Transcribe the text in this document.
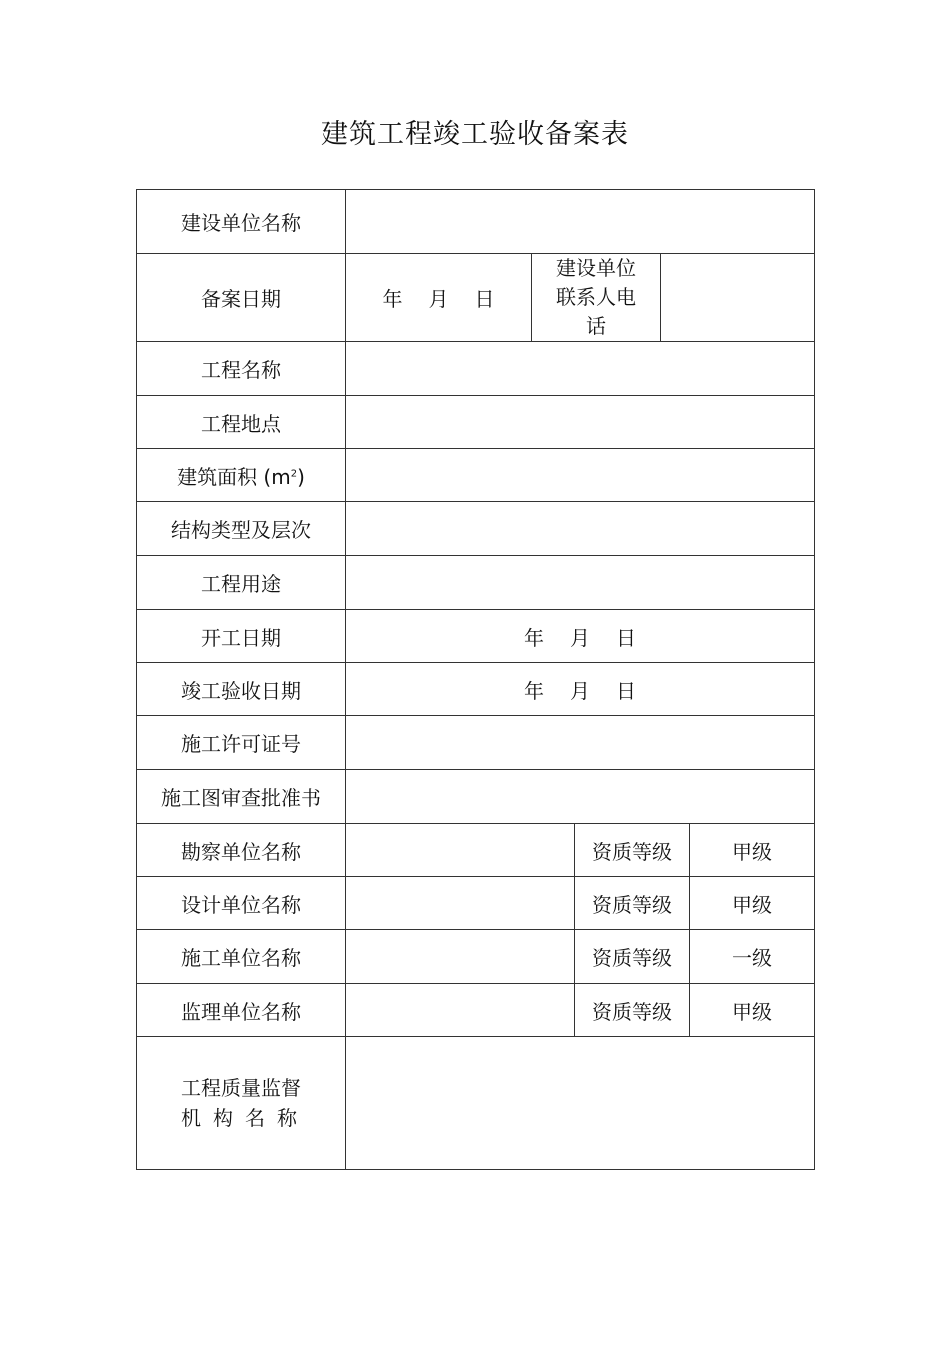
建筑工程竣工验收备案表
建设单位名称					
备案日期	年 月 日	建设单位
联系人电
话			

工程名称					
工程地点					
建筑面积 $(m^2)$					
结构类型及层次					
工程用途					
开工日期	年 月 日				
竣工验收日期	年 月 日				
施工许可证号					
施工图审查批准书					
勘察单位名称			资质等级		甲级
设计单位名称			资质等级		甲级
施工单位名称			资质等级		一级
监理单位名称			资质等级		甲级

工程质量监督
机构名称					
